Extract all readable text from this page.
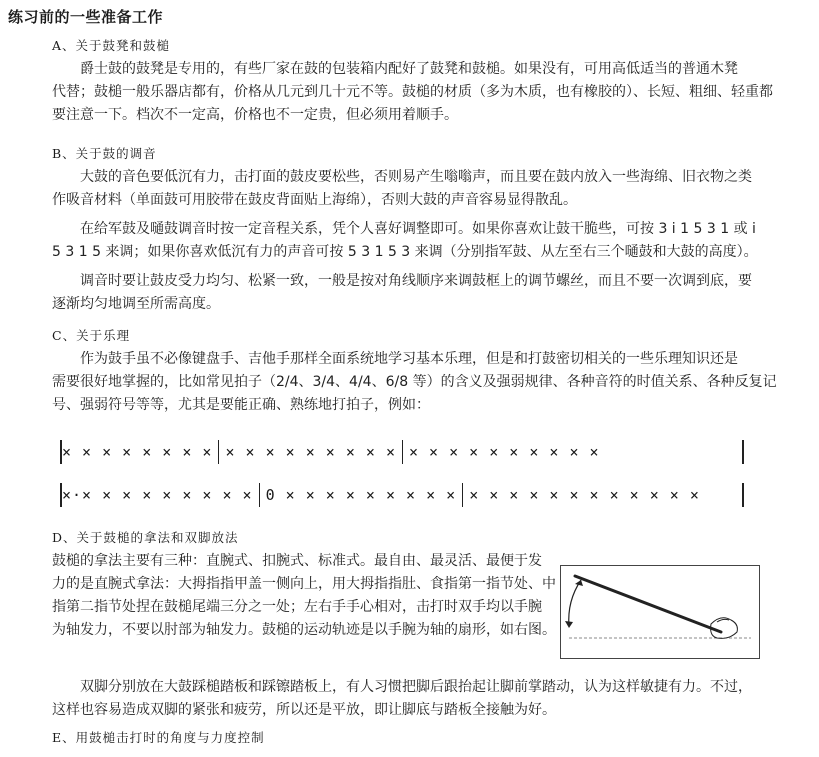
练习前的一些准备工作
A、关于鼓凳和鼓槌
爵士鼓的鼓凳是专用的，有些厂家在鼓的包装箱内配好了鼓凳和鼓槌。如果没有，可用高低适当的普通木凳
代替；鼓槌一般乐器店都有，价格从几元到几十元不等。鼓槌的材质（多为木质，也有橡胶的）、长短、粗细、轻重都
要注意一下。档次不一定高，价格也不一定贵，但必须用着顺手。
B、关于鼓的调音
大鼓的音色要低沉有力，击打面的鼓皮要松些，否则易产生嗡嗡声，而且要在鼓内放入一些海绵、旧衣物之类
作吸音材料（单面鼓可用胶带在鼓皮背面贴上海绵），否则大鼓的声音容易显得散乱。
在给军鼓及嗵鼓调音时按一定音程关系，凭个人喜好调整即可。如果你喜欢让鼓干脆些，可按 3 i 1 5 3 1 或 i
5 3 1 5 来调；如果你喜欢低沉有力的声音可按 5 3 1 5 3 来调（分别指军鼓、从左至右三个嗵鼓和大鼓的高度）。
调音时要让鼓皮受力均匀、松紧一致，一般是按对角线顺序来调鼓框上的调节螺丝，而且不要一次调到底，要
逐渐均匀地调至所需高度。
C、关于乐理
作为鼓手虽不必像键盘手、吉他手那样全面系统地学习基本乐理，但是和打鼓密切相关的一些乐理知识还是
需要很好地掌握的，比如常见拍子（2/4、3/4、4/4、6/8 等）的含义及强弱规律、各种音符的时值关系、各种反复记
号、强弱符号等等，尤其是要能正确、熟练地打拍子，例如：
× × × × × × × × × × × × × × × × × × × × × × × × × × ×
×·× × × × × × × × × 0 × × × × × × × × × × × × × × × × × × × × ×
D、关于鼓槌的拿法和双脚放法
鼓槌的拿法主要有三种：直腕式、扣腕式、标准式。最自由、最灵活、最便于发
力的是直腕式拿法：大拇指指甲盖一侧向上，用大拇指指肚、食指第一指节处、中
指第二指节处捏在鼓槌尾端三分之一处；左右手手心相对，击打时双手均以手腕
为轴发力，不要以肘部为轴发力。鼓槌的运动轨迹是以手腕为轴的扇形，如右图。
双脚分别放在大鼓踩槌踏板和踩镲踏板上，有人习惯把脚后跟抬起让脚前掌踏动，认为这样敏捷有力。不过，
这样也容易造成双脚的紧张和疲劳，所以还是平放，即让脚底与踏板全接触为好。
E、用鼓槌击打时的角度与力度控制
